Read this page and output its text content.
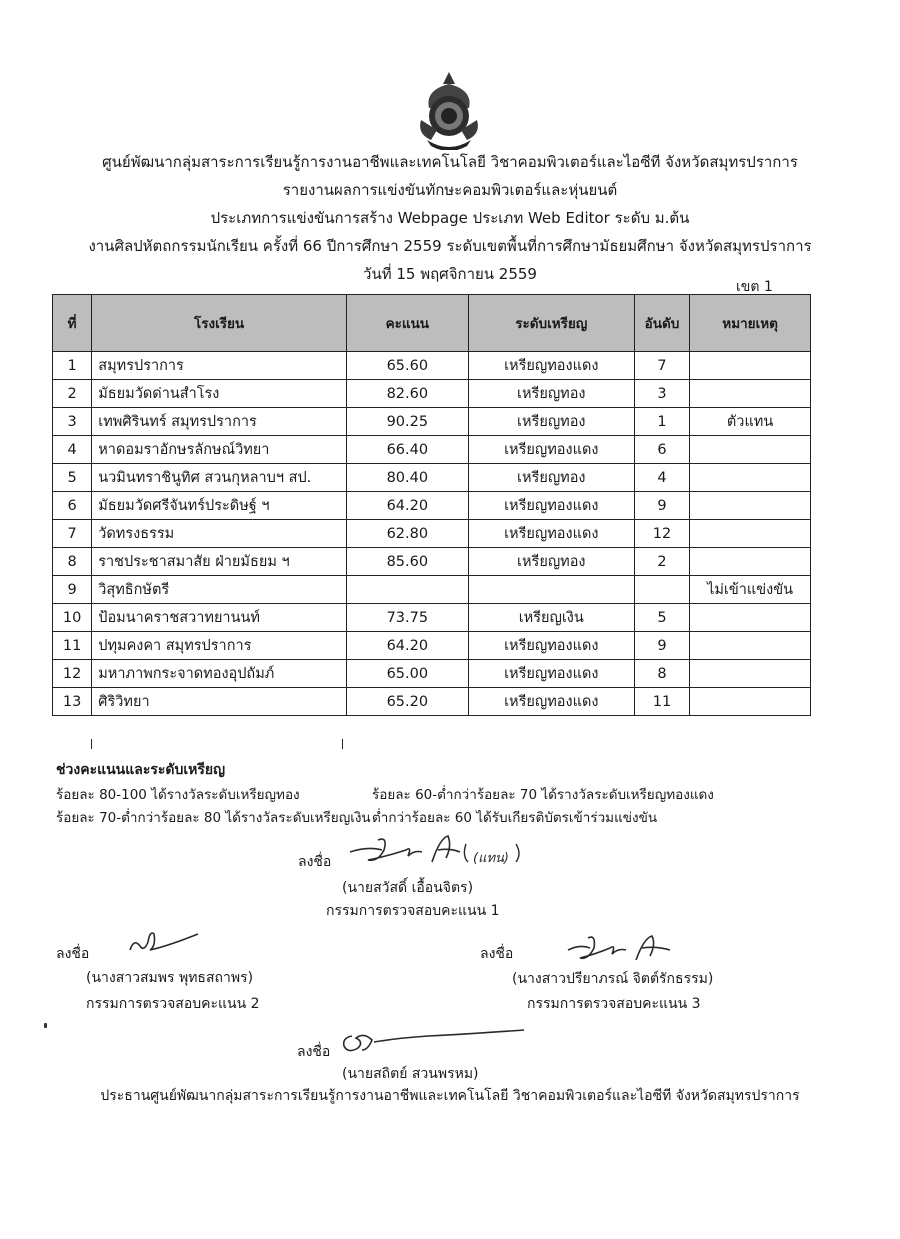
ศูนย์พัฒนากลุ่มสาระการเรียนรู้การงานอาชีพและเทคโนโลยี วิชาคอมพิวเตอร์และไอซีที จังหวัดสมุทรปราการ
รายงานผลการแข่งขันทักษะคอมพิวเตอร์และหุ่นยนต์
ประเภทการแข่งขันการสร้าง Webpage ประเภท Web Editor ระดับ ม.ต้น
งานศิลปหัตถกรรมนักเรียน ครั้งที่ 66 ปีการศึกษา 2559 ระดับเขตพื้นที่การศึกษามัธยมศึกษา จังหวัดสมุทรปราการ
วันที่ 15 พฤศจิกายน 2559
เขต 1
ที่	โรงเรียน	คะแนน	ระดับเหรียญ	อันดับ	หมายเหตุ
1	สมุทรปราการ	65.60	เหรียญทองแดง	7	
2	มัธยมวัดด่านสำโรง	82.60	เหรียญทอง	3	
3	เทพศิรินทร์ สมุทรปราการ	90.25	เหรียญทอง	1	ตัวแทน
4	หาดอมราอักษรลักษณ์วิทยา	66.40	เหรียญทองแดง	6	
5	นวมินทราชินูทิศ สวนกุหลาบฯ สป.	80.40	เหรียญทอง	4	
6	มัธยมวัดศรีจันทร์ประดิษฐ์ ฯ	64.20	เหรียญทองแดง	9	
7	วัดทรงธรรม	62.80	เหรียญทองแดง	12	
8	ราชประชาสมาสัย ฝ่ายมัธยม ฯ	85.60	เหรียญทอง	2	
9	วิสุทธิกษัตรี				ไม่เข้าแข่งขัน
10	ป้อมนาคราชสวาทยานนท์	73.75	เหรียญเงิน	5	
11	ปทุมคงคา สมุทรปราการ	64.20	เหรียญทองแดง	9	
12	มหาภาพกระจาดทองอุปถัมภ์	65.00	เหรียญทองแดง	8	
13	ศิริวิทยา	65.20	เหรียญทองแดง	11	
ช่วงคะแนนและระดับเหรียญ
ร้อยละ 80-100 ได้รางวัลระดับเหรียญทอง
ร้อยละ 70-ต่ำกว่าร้อยละ 80 ได้รางวัลระดับเหรียญเงิน
ร้อยละ 60-ต่ำกว่าร้อยละ 70 ได้รางวัลระดับเหรียญทองแดง
ต่ำกว่าร้อยละ 60 ได้รับเกียรติบัตรเข้าร่วมแข่งขัน
ลงชื่อ	(แทน)
(นายสวัสดิ์ เอื้อนจิตร)
กรรมการตรวจสอบคะแนน 1
ลงชื่อ
(นางสาวสมพร พุทธสถาพร)
กรรมการตรวจสอบคะแนน 2
ลงชื่อ
(นางสาวปรียาภรณ์ จิตต์รักธรรม)
กรรมการตรวจสอบคะแนน 3
ลงชื่อ
(นายสถิตย์ สวนพรหม)
ประธานศูนย์พัฒนากลุ่มสาระการเรียนรู้การงานอาชีพและเทคโนโลยี วิชาคอมพิวเตอร์และไอซีที จังหวัดสมุทรปราการ
